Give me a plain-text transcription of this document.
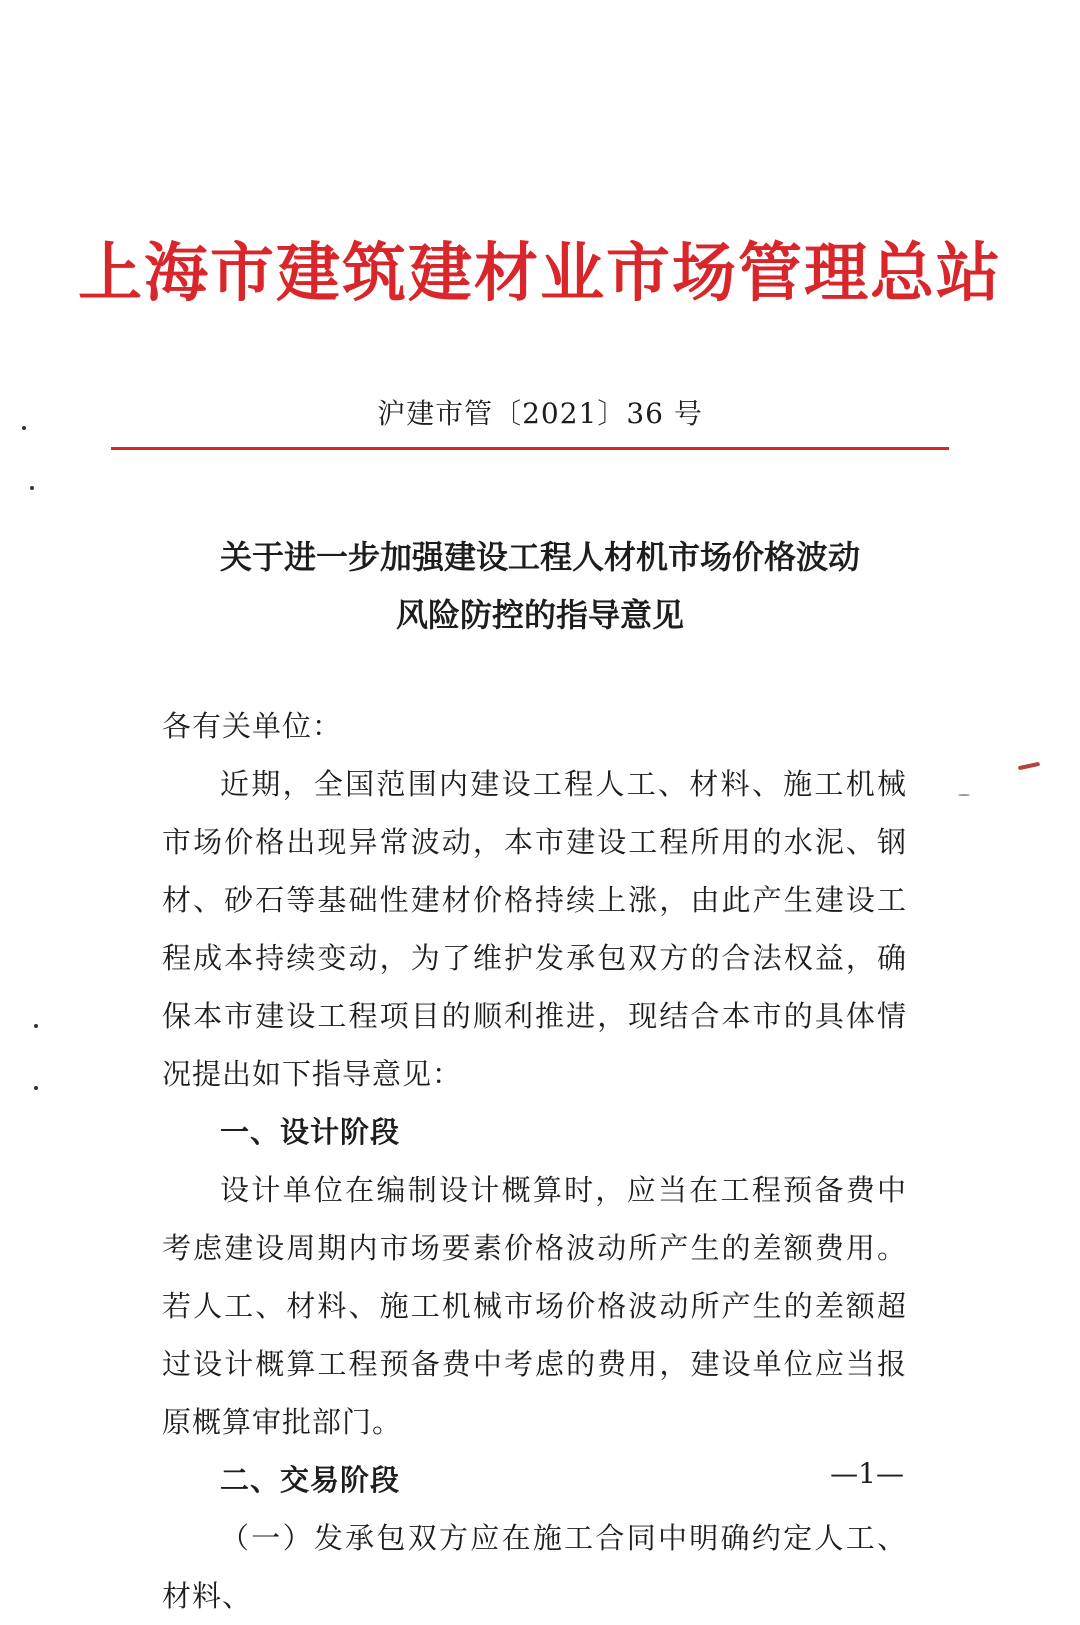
上海市建筑建材业市场管理总站
沪建市管〔2021〕36 号
关于进一步加强建设工程人材机市场价格波动
风险防控的指导意见

各有关单位：

近期，全国范围内建设工程人工、材料、施工机械市场价格出现异常波动，本市建设工程所用的水泥、钢材、砂石等基础性建材价格持续上涨，由此产生建设工程成本持续变动，为了维护发承包双方的合法权益，确保本市建设工程项目的顺利推进，现结合本市的具体情况提出如下指导意见：

一、设计阶段

设计单位在编制设计概算时，应当在工程预备费中考虑建设周期内市场要素价格波动所产生的差额费用。若人工、材料、施工机械市场价格波动所产生的差额超过设计概算工程预备费中考虑的费用，建设单位应当报原概算审批部门。

二、交易阶段

（一）发承包双方应在施工合同中明确约定人工、材料、

—1—
